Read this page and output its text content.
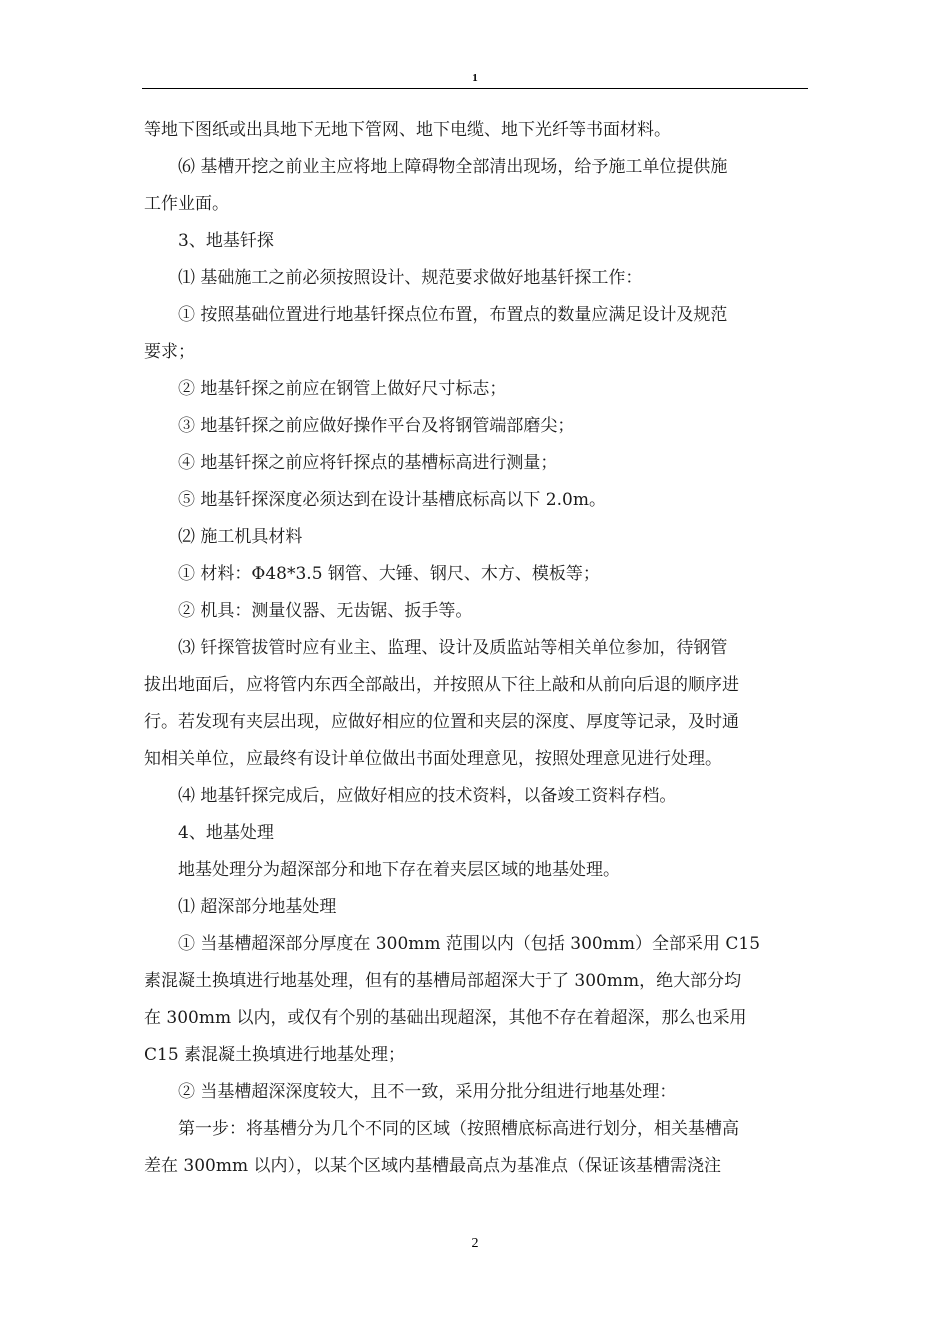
1

等地下图纸或出具地下无地下管网、地下电缆、地下光纤等书面材料。

⑹ 基槽开挖之前业主应将地上障碍物全部清出现场，给予施工单位提供施

工作业面。

3、地基钎探

⑴ 基础施工之前必须按照设计、规范要求做好地基钎探工作：

① 按照基础位置进行地基钎探点位布置，布置点的数量应满足设计及规范

要求；

② 地基钎探之前应在钢管上做好尺寸标志；

③ 地基钎探之前应做好操作平台及将钢管端部磨尖；

④ 地基钎探之前应将钎探点的基槽标高进行测量；

⑤ 地基钎探深度必须达到在设计基槽底标高以下 2.0m。

⑵ 施工机具材料

① 材料：Φ48*3.5 钢管、大锤、钢尺、木方、模板等；

② 机具：测量仪器、无齿锯、扳手等。

⑶ 钎探管拔管时应有业主、监理、设计及质监站等相关单位参加，待钢管

拔出地面后，应将管内东西全部敲出，并按照从下往上敲和从前向后退的顺序进

行。若发现有夹层出现，应做好相应的位置和夹层的深度、厚度等记录，及时通

知相关单位，应最终有设计单位做出书面处理意见，按照处理意见进行处理。

⑷ 地基钎探完成后，应做好相应的技术资料，以备竣工资料存档。

4、地基处理

地基处理分为超深部分和地下存在着夹层区域的地基处理。

⑴ 超深部分地基处理

① 当基槽超深部分厚度在 300mm 范围以内（包括 300mm）全部采用 C15

素混凝土换填进行地基处理，但有的基槽局部超深大于了 300mm，绝大部分均

在 300mm 以内，或仅有个别的基础出现超深，其他不存在着超深，那么也采用

C15 素混凝土换填进行地基处理；

② 当基槽超深深度较大，且不一致，采用分批分组进行地基处理：

第一步：将基槽分为几个不同的区域（按照槽底标高进行划分，相关基槽高

差在 300mm 以内），以某个区域内基槽最高点为基准点（保证该基槽需浇注

2
